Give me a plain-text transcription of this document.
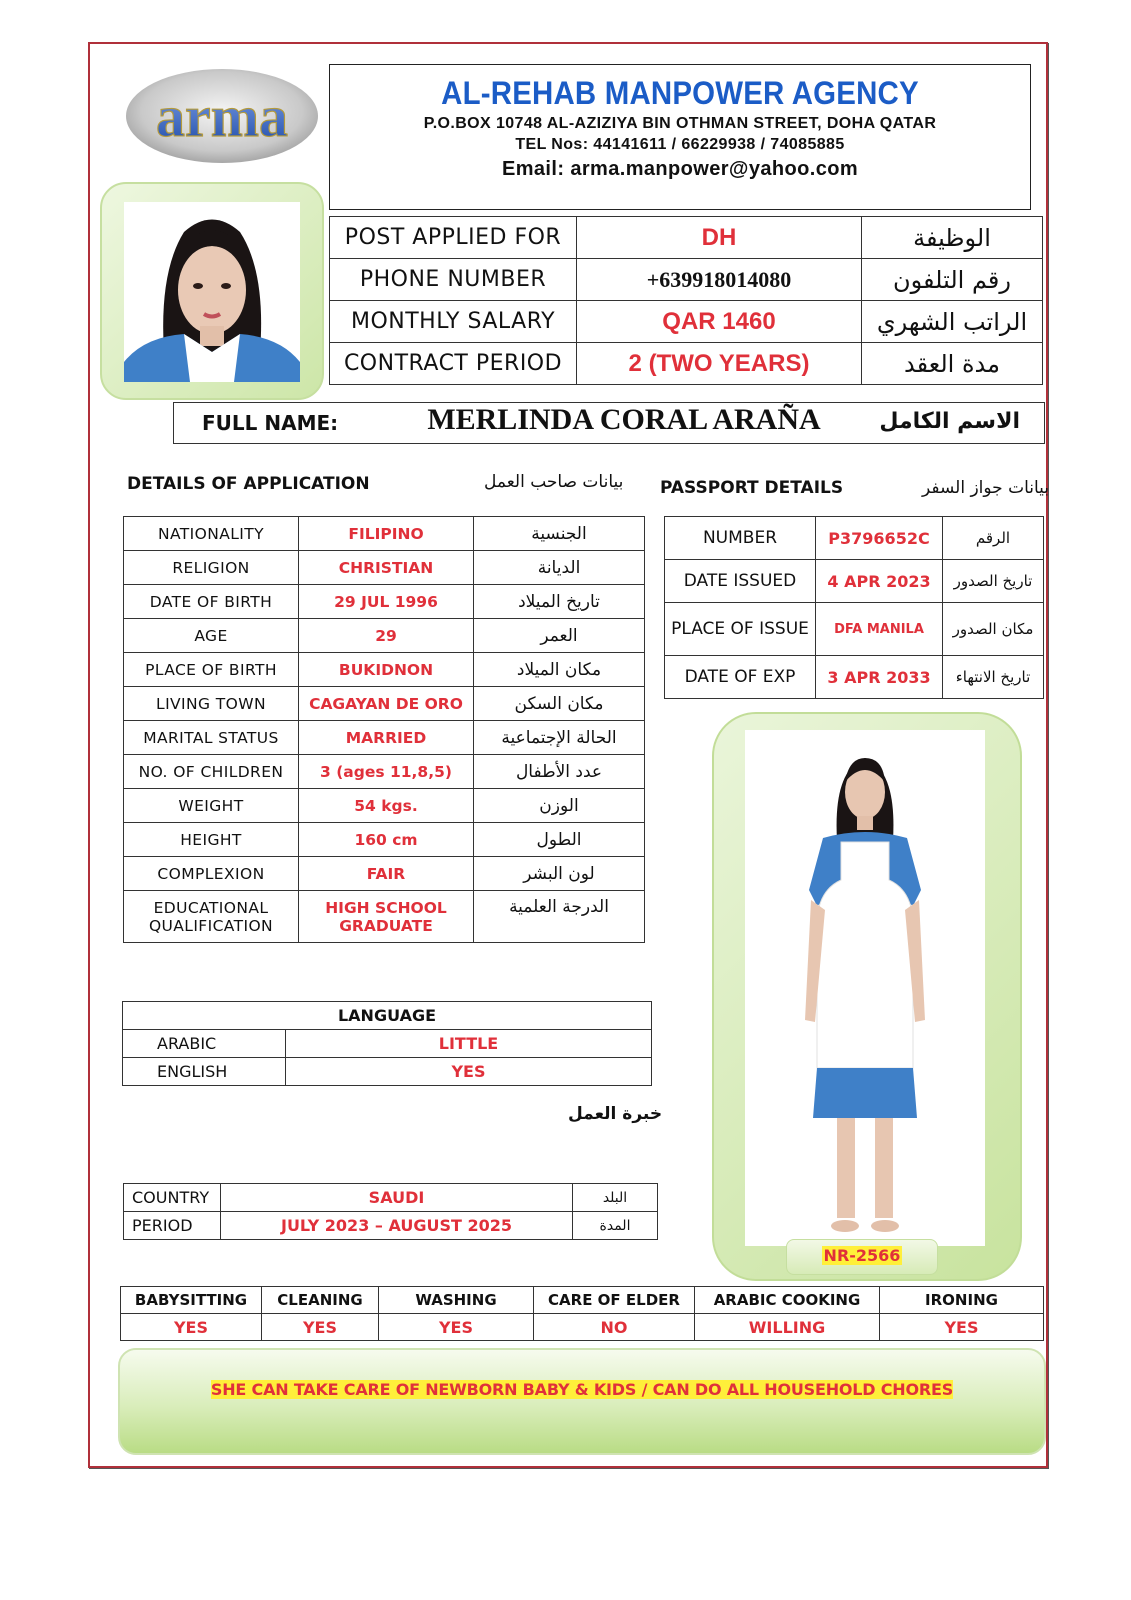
arma	AL-REHAB MANPOWER AGENCY
P.O.BOX 10748 AL-AZIZIYA BIN OTHMAN STREET, DOHA QATAR
TEL Nos: 44141611 / 66229938 / 74085885
Email: arma.manpower@yahoo.com
POST APPLIED FOR	DH	الوظيفة
PHONE NUMBER	+639918014080	رقم التلفون
MONTHLY SALARY	QAR 1460	الراتب الشهري
CONTRACT PERIOD	2 (TWO YEARS)	مدة العقد
FULL NAME:	MERLINDA CORAL ARAÑA	الاسم الكامل
DETAILS OF APPLICATION	بيانات صاحب العمل PASSPORT DETAILS	بيانات جواز السفر
NATIONALITY	FILIPINO	الجنسية
RELIGION	CHRISTIAN	الديانة
DATE OF BIRTH	29 JUL 1996	تاريخ الميلاد
AGE	29	العمر
PLACE OF BIRTH	BUKIDNON	مكان الميلاد
LIVING TOWN	CAGAYAN DE ORO	مكان السكن
MARITAL STATUS	MARRIED	الحالة الإجتماعية
NO. OF CHILDREN	3 (ages 11,8,5)	عدد الأطفال
WEIGHT	54 kgs.	الوزن
HEIGHT	160 cm	الطول
COMPLEXION	FAIR	لون البشر
EDUCATIONAL QUALIFICATION	HIGH SCHOOL GRADUATE	الدرجة العلمية
NUMBER	P3796652C	الرقم
DATE ISSUED	4 APR 2023	تاريخ الصدور
PLACE OF ISSUE	DFA MANILA	مكان الصدور
DATE OF EXP	3 APR 2033	تاريخ الانتهاء
NR-2566
LANGUAGE	
ARABIC	LITTLE
ENGLISH	YES
خبرة العمل
COUNTRY	SAUDI	البلد
PERIOD	JULY 2023 – AUGUST 2025	المدة
BABYSITTING	CLEANING	WASHING	CARE OF ELDER	ARABIC COOKING	IRONING
YES	YES	YES	NO	WILLING	YES
SHE CAN TAKE CARE OF NEWBORN BABY & KIDS / CAN DO ALL HOUSEHOLD CHORES
